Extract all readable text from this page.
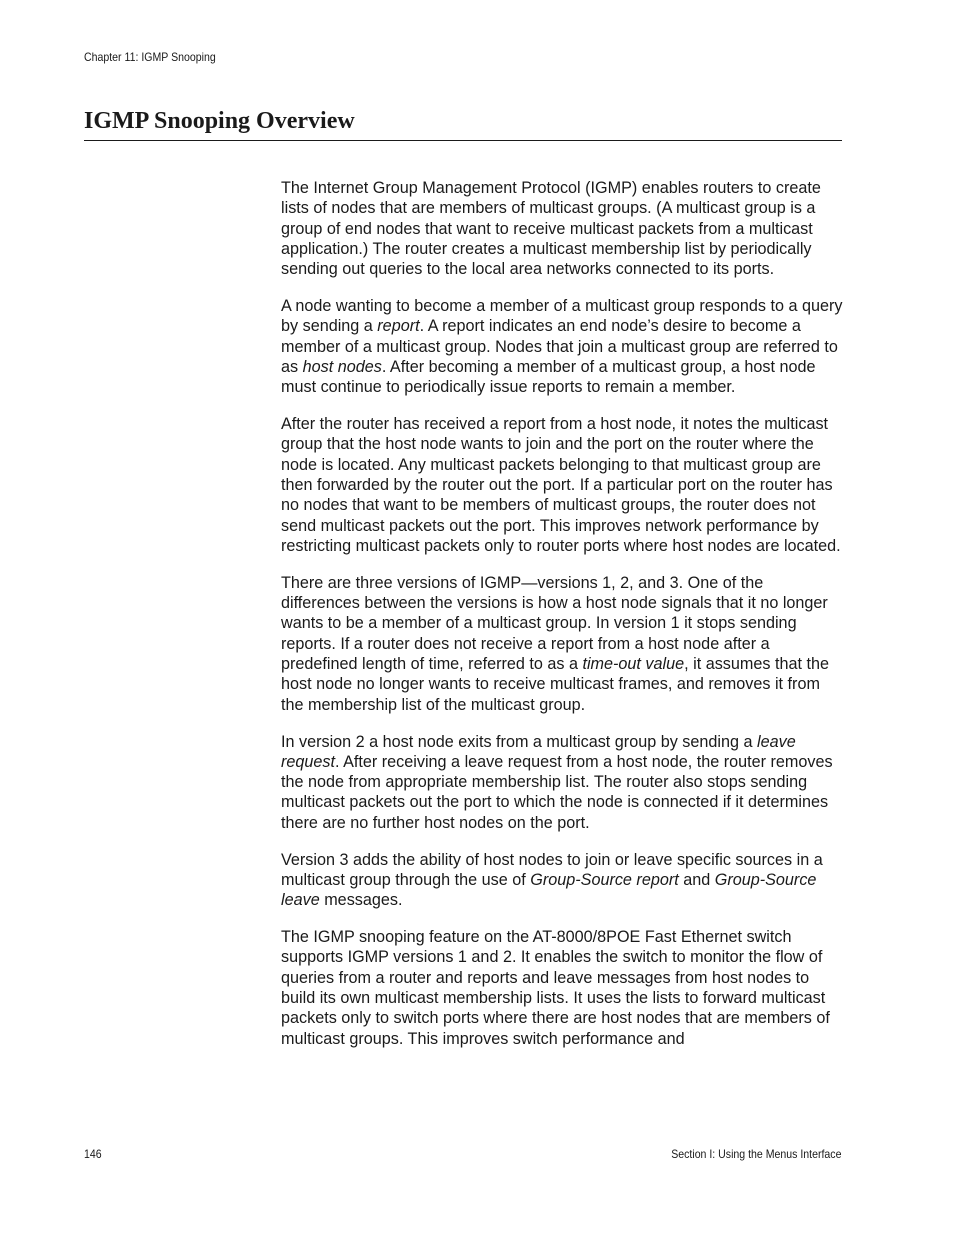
Chapter 11: IGMP Snooping
IGMP Snooping Overview

The Internet Group Management Protocol (IGMP) enables routers to create lists of nodes that are members of multicast groups. (A multicast group is a group of end nodes that want to receive multicast packets from a multicast application.) The router creates a multicast membership list by periodically sending out queries to the local area networks connected to its ports.

A node wanting to become a member of a multicast group responds to a query by sending a report. A report indicates an end node’s desire to become a member of a multicast group. Nodes that join a multicast group are referred to as host nodes. After becoming a member of a multicast group, a host node must continue to periodically issue reports to remain a member.

After the router has received a report from a host node, it notes the multicast group that the host node wants to join and the port on the router where the node is located. Any multicast packets belonging to that multicast group are then forwarded by the router out the port. If a particular port on the router has no nodes that want to be members of multicast groups, the router does not send multicast packets out the port. This improves network performance by restricting multicast packets only to router ports where host nodes are located.

There are three versions of IGMP—versions 1, 2, and 3. One of the differences between the versions is how a host node signals that it no longer wants to be a member of a multicast group. In version 1 it stops sending reports. If a router does not receive a report from a host node after a predefined length of time, referred to as a time-out value, it assumes that the host node no longer wants to receive multicast frames, and removes it from the membership list of the multicast group.

In version 2 a host node exits from a multicast group by sending a leave request. After receiving a leave request from a host node, the router removes the node from appropriate membership list. The router also stops sending multicast packets out the port to which the node is connected if it determines there are no further host nodes on the port.

Version 3 adds the ability of host nodes to join or leave specific sources in a multicast group through the use of Group-Source report and Group-Source leave messages.

The IGMP snooping feature on the AT-8000/8POE Fast Ethernet switch supports IGMP versions 1 and 2. It enables the switch to monitor the flow of queries from a router and reports and leave messages from host nodes to build its own multicast membership lists. It uses the lists to forward multicast packets only to switch ports where there are host nodes that are members of multicast groups. This improves switch performance and

146	Section I: Using the Menus Interface
